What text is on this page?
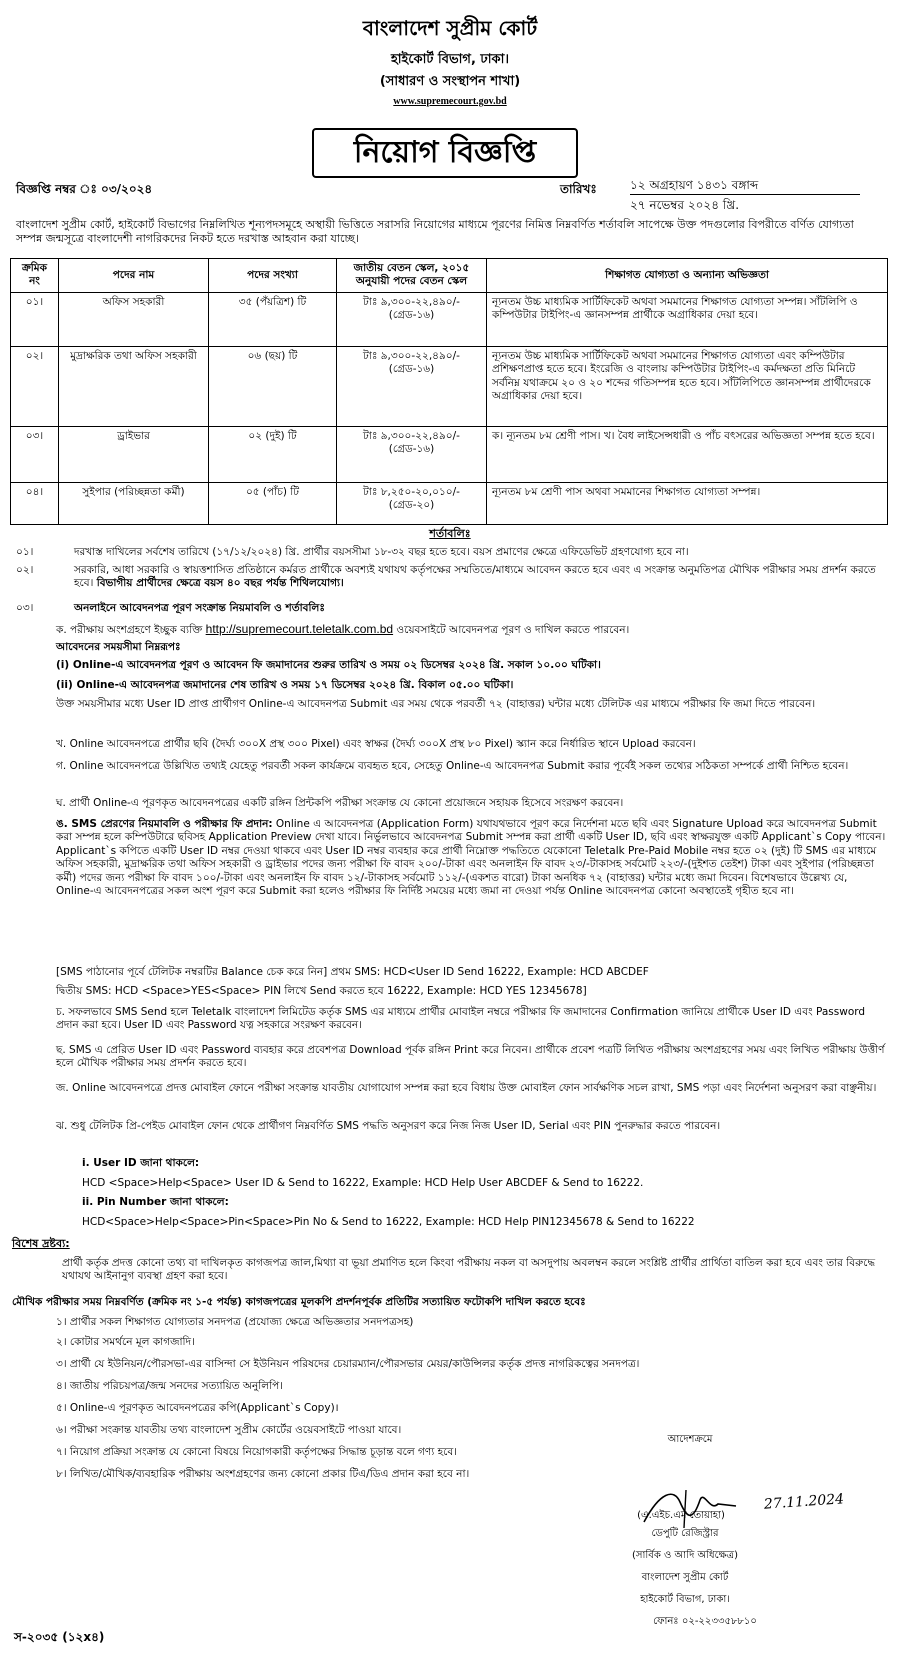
বাংলাদেশ সুপ্রীম কোর্ট
হাইকোর্ট বিভাগ, ঢাকা।
(সাধারণ ও সংস্থাপন শাখা)
www.supremecourt.gov.bd
নিয়োগ বিজ্ঞপ্তি
বিজ্ঞপ্তি নম্বর ঃ ০৩/২০২৪	তারিখঃ	১২ অগ্রহায়ণ ১৪৩১ বঙ্গাব্দ
২৭ নভেম্বর ২০২৪ খ্রি.
বাংলাদেশ সুপ্রীম কোর্ট, হাইকোর্ট বিভাগের নিম্নলিখিত শূন্যপদসমূহে অস্থায়ী ভিত্তিতে সরাসরি নিয়োগের মাধ্যমে পূরণের নিমিত্ত নিম্নবর্ণিত শর্তাবলি সাপেক্ষে উক্ত পদগুলোর বিপরীতে বর্ণিত যোগ্যতা সম্পন্ন জন্মসূত্রে বাংলাদেশী নাগরিকদের নিকট হতে দরখাস্ত আহবান করা যাচ্ছে।
ক্রমিক নং	পদের নাম	পদের সংখ্যা	জাতীয় বেতন স্কেল, ২০১৫ অনুযায়ী পদের বেতন স্কেল	শিক্ষাগত যোগ্যতা ও অন্যান্য অভিজ্ঞতা
০১।	অফিস সহকারী	৩৫ (পঁয়ত্রিশ) টি	টাঃ ৯,৩০০-২২,৪৯০/- (গ্রেড-১৬)	ন্যূনতম উচ্চ মাধ্যমিক সার্টিফিকেট অথবা সমমানের শিক্ষাগত যোগ্যতা সম্পন্ন। সাঁটলিপি ও কম্পিউটার টাইপিং-এ জ্ঞানসম্পন্ন প্রার্থীকে অগ্রাধিকার দেয়া হবে।
০২।	মুদ্রাক্ষরিক তথা অফিস সহকারী	০৬ (ছয়) টি	টাঃ ৯,৩০০-২২,৪৯০/- (গ্রেড-১৬)	ন্যূনতম উচ্চ মাধ্যমিক সার্টিফিকেট অথবা সমমানের শিক্ষাগত যোগ্যতা এবং কম্পিউটার প্রশিক্ষণপ্রাপ্ত হতে হবে। ইংরেজি ও বাংলায় কম্পিউটার টাইপিং-এ কর্মদক্ষতা প্রতি মিনিটে সর্বনিম্ন যথাক্রমে ২০ ও ২০ শব্দের গতিসম্পন্ন হতে হবে। সাঁটলিপিতে জ্ঞানসম্পন্ন প্রার্থীদেরকে অগ্রাধিকার দেয়া হবে।
০৩।	ড্রাইভার	০২ (দুই) টি	টাঃ ৯,৩০০-২২,৪৯০/- (গ্রেড-১৬)	ক। ন্যূনতম ৮ম শ্রেণী পাস। খ। বৈধ লাইসেন্সধারী ও পাঁচ বৎসরের অভিজ্ঞতা সম্পন্ন হতে হবে।
০৪।	সুইপার (পরিচ্ছন্নতা কর্মী)	০৫ (পাঁচ) টি	টাঃ ৮,২৫০-২০,০১০/- (গ্রেড-২০)	ন্যূনতম ৮ম শ্রেণী পাস অথবা সমমানের শিক্ষাগত যোগ্যতা সম্পন্ন।
শর্তাবলিঃ
০১।	দরখাস্ত দাখিলের সর্বশেষ তারিখে (১৭/১২/২০২৪) খ্রি. প্রার্থীর বয়সসীমা ১৮-৩২ বছর হতে হবে। বয়স প্রমাণের ক্ষেত্রে এফিডেভিট গ্রহণযোগ্য হবে না।
০২।	সরকারি, আধা সরকারি ও স্বায়ত্তশাসিত প্রতিষ্ঠানে কর্মরত প্রার্থীকে অবশ্যই যথাযথ কর্তৃপক্ষের সম্মতিতে/মাধ্যমে আবেদন করতে হবে এবং এ সংক্রান্ত অনুমতিপত্র মৌখিক পরীক্ষার সময় প্রদর্শন করতে হবে। বিভাগীয় প্রার্থীদের ক্ষেত্রে বয়স ৪০ বছর পর্যন্ত শিথিলযোগ্য।
০৩।	অনলাইনে আবেদনপত্র পূরণ সংক্রান্ত নিয়মাবলি ও শর্তাবলিঃ
ক. পরীক্ষায় অংশগ্রহণে ইচ্ছুক ব্যক্তি http://supremecourt.teletalk.com.bd ওয়েবসাইটে আবেদনপত্র পূরণ ও দাখিল করতে পারবেন।
আবেদনের সময়সীমা নিম্নরূপঃ
(i) Online-এ আবেদনপত্র পূরণ ও আবেদন ফি জমাদানের শুরুর তারিখ ও সময় ০২ ডিসেম্বর ২০২৪ খ্রি. সকাল ১০.০০ ঘটিকা।
(ii) Online-এ আবেদনপত্র জমাদানের শেষ তারিখ ও সময় ১৭ ডিসেম্বর ২০২৪ খ্রি. বিকাল ০৫.০০ ঘটিকা।
উক্ত সময়সীমার মধ্যে User ID প্রাপ্ত প্রার্থীগণ Online-এ আবেদনপত্র Submit এর সময় থেকে পরবর্তী ৭২ (বাহাত্তর) ঘন্টার মধ্যে টেলিটক এর মাধ্যমে পরীক্ষার ফি জমা দিতে পারবেন।
খ. Online আবেদনপত্রে প্রার্থীর ছবি (দৈর্ঘ্য ৩০০X প্রস্থ ৩০০ Pixel) এবং স্বাক্ষর (দৈর্ঘ্য ৩০০X প্রস্থ ৮০ Pixel) স্ক্যান করে নির্ধারিত স্থানে Upload করবেন।
গ. Online আবেদনপত্রে উল্লিখিত তথ্যই যেহেতু পরবর্তী সকল কার্যক্রমে ব্যবহৃত হবে, সেহেতু Online-এ আবেদনপত্র Submit করার পূর্বেই সকল তথ্যের সঠিকতা সম্পর্কে প্রার্থী নিশ্চিত হবেন।
ঘ. প্রার্থী Online-এ পূরণকৃত আবেদনপত্রের একটি রঙ্গিন প্রিন্টকপি পরীক্ষা সংক্রান্ত যে কোনো প্রয়োজনে সহায়ক হিসেবে সংরক্ষণ করবেন।
ঙ. SMS প্রেরণের নিয়মাবলি ও পরীক্ষার ফি প্রদান: Online এ আবেদনপত্র (Application Form) যথাযথভাবে পূরণ করে নির্দেশনা মতে ছবি এবং Signature Upload করে আবেদনপত্র Submit করা সম্পন্ন হলে কম্পিউটারে ছবিসহ Application Preview দেখা যাবে। নির্ভুলভাবে আবেদনপত্র Submit সম্পন্ন করা প্রার্থী একটি User ID, ছবি এবং স্বাক্ষরযুক্ত একটি Applicant`s Copy পাবেন। Applicant`s কপিতে একটি User ID নম্বর দেওয়া থাকবে এবং User ID নম্বর ব্যবহার করে প্রার্থী নিম্নোক্ত পদ্ধতিতে যেকোনো Teletalk Pre-Paid Mobile নম্বর হতে ০২ (দুই) টি SMS এর মাধ্যমে অফিস সহকারী, মুদ্রাক্ষরিক তথা অফিস সহকারী ও ড্রাইভার পদের জন্য পরীক্ষা ফি বাবদ ২০০/-টাকা এবং অনলাইন ফি বাবদ ২৩/-টাকাসহ সর্বমোট ২২৩/-(দুইশত তেইশ) টাকা এবং সুইপার (পরিচ্ছন্নতা কর্মী) পদের জন্য পরীক্ষা ফি বাবদ ১০০/-টাকা এবং অনলাইন ফি বাবদ ১২/-টাকাসহ সর্বমোট ১১২/-(একশত বারো) টাকা অনধিক ৭২ (বাহাত্তর) ঘন্টার মধ্যে জমা দিবেন। বিশেষভাবে উল্লেখ্য যে, Online-এ আবেদনপত্রের সকল অংশ পূরণ করে Submit করা হলেও পরীক্ষার ফি নির্দিষ্ট সময়ের মধ্যে জমা না দেওয়া পর্যন্ত Online আবেদনপত্র কোনো অবস্থাতেই গৃহীত হবে না।
[SMS পাঠানোর পূর্বে টেলিটক নম্বরটির Balance চেক করে নিন] প্রথম SMS: HCD<User ID Send 16222, Example: HCD ABCDEF
দ্বিতীয় SMS: HCD <Space>YES<Space> PIN লিখে Send করতে হবে 16222, Example: HCD YES 12345678]
চ. সফলভাবে SMS Send হলে Teletalk বাংলাদেশ লিমিটেড কর্তৃক SMS এর মাধ্যমে প্রার্থীর মোবাইল নম্বরে পরীক্ষার ফি জমাদানের Confirmation জানিয়ে প্রার্থীকে User ID এবং Password প্রদান করা হবে। User ID এবং Password যত্ন সহকারে সংরক্ষণ করবেন।
ছ. SMS এ প্রেরিত User ID এবং Password ব্যবহার করে প্রবেশপত্র Download পূর্বক রঙ্গিন Print করে নিবেন। প্রার্থীকে প্রবেশ পত্রটি লিখিত পরীক্ষায় অংশগ্রহণের সময় এবং লিখিত পরীক্ষায় উত্তীর্ণ হলে মৌখিক পরীক্ষার সময় প্রদর্শন করতে হবে।
জ. Online আবেদনপত্রে প্রদত্ত মোবাইল ফোনে পরীক্ষা সংক্রান্ত যাবতীয় যোগাযোগ সম্পন্ন করা হবে বিধায় উক্ত মোবাইল ফোন সার্বক্ষণিক সচল রাখা, SMS পড়া এবং নির্দেশনা অনুসরণ করা বাঞ্ছনীয়।
ঝ. শুধু টেলিটক প্রি-পেইড মোবাইল ফোন থেকে প্রার্থীগণ নিম্নবর্ণিত SMS পদ্ধতি অনুসরণ করে নিজ নিজ User ID, Serial এবং PIN পুনরুদ্ধার করতে পারবেন।
i. User ID জানা থাকলে:
HCD <Space>Help<Space> User ID & Send to 16222, Example: HCD Help User ABCDEF & Send to 16222.
ii. Pin Number জানা থাকলে:
HCD<Space>Help<Space>Pin<Space>Pin No & Send to 16222, Example: HCD Help PIN12345678 & Send to 16222
বিশেষ দ্রষ্টব্য:
প্রার্থী কর্তৃক প্রদত্ত কোনো তথ্য বা দাখিলকৃত কাগজপত্র জাল,মিথ্যা বা ভূয়া প্রমাণিত হলে কিংবা পরীক্ষায় নকল বা অসদুপায় অবলম্বন করলে সংশ্লিষ্ট প্রার্থীর প্রার্থিতা বাতিল করা হবে এবং তার বিরুদ্ধে যথাযথ আইনানুগ ব্যবস্থা গ্রহণ করা হবে।
মৌখিক পরীক্ষার সময় নিম্নবর্ণিত (ক্রমিক নং ১-৫ পর্যন্ত) কাগজপত্রের মূলকপি প্রদর্শনপূর্বক প্রতিটির সত্যায়িত ফটোকপি দাখিল করতে হবেঃ
১। প্রার্থীর সকল শিক্ষাগত যোগ্যতার সনদপত্র (প্রযোজ্য ক্ষেত্রে অভিজ্ঞতার সনদপত্রসহ)
২। কোটার সমর্থনে মূল কাগজাদি।
৩। প্রার্থী যে ইউনিয়ন/পৌরসভা-এর বাসিন্দা সে ইউনিয়ন পরিষদের চেয়ারম্যান/পৌরসভার মেয়র/কাউন্সিলর কর্তৃক প্রদত্ত নাগরিকত্বের সনদপত্র।
৪। জাতীয় পরিচয়পত্র/জন্ম সনদের সত্যায়িত অনুলিপি।
৫। Online-এ পূরণকৃত আবেদনপত্রের কপি(Applicant`s Copy)।
৬। পরীক্ষা সংক্রান্ত যাবতীয় তথ্য বাংলাদেশ সুপ্রীম কোর্টের ওয়েবসাইটে পাওয়া যাবে।
৭। নিয়োগ প্রক্রিয়া সংক্রান্ত যে কোনো বিষয়ে নিয়োগকারী কর্তৃপক্ষের সিদ্ধান্ত চূড়ান্ত বলে গণ্য হবে।
৮। লিখিত/মৌখিক/ব্যবহারিক পরীক্ষায় অংশগ্রহণের জন্য কোনো প্রকার টিএ/ডিএ প্রদান করা হবে না।
আদেশক্রমে
27.11.2024
(এ.এইচ.এম তোয়াহা)
ডেপুটি রেজিস্ট্রার
(সার্বিক ও আদি অধিক্ষেত্র)
বাংলাদেশ সুপ্রীম কোর্ট
হাইকোর্ট বিভাগ, ঢাকা।
ফোনঃ ০২-২২৩৩৫৮৮১০
স-২০৩৫ (১২x৪)
